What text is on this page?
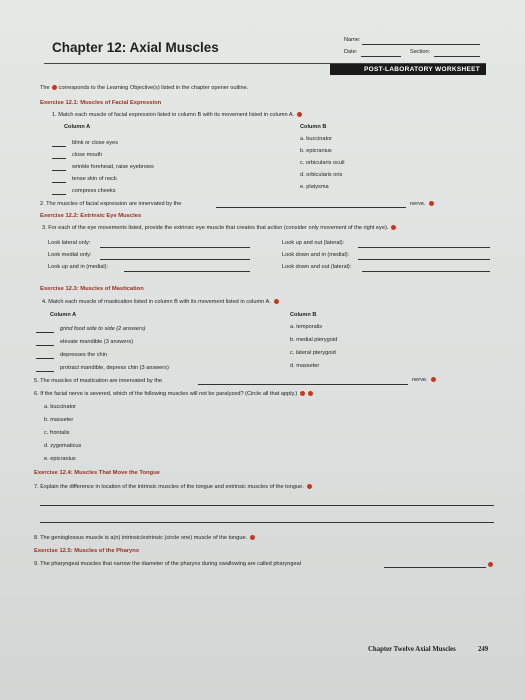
Chapter 12: Axial Muscles	Name:
Date:	Section:
POST-LABORATORY WORKSHEET
The corresponds to the Learning Objective(s) listed in the chapter opener outline.
Exercise 12.1: Muscles of Facial Expression
1. Match each muscle of facial expression listed in column B with its movement listed in column A.
Column A	Column B
blink or close eyes
close mouth
wrinkle forehead, raise eyebrows
tense skin of neck
compress cheeks
a. buccinator
b. epicranius
c. orbicularis oculi
d. orbicularis oris
e. platysma
2. The muscles of facial expression are innervated by the	nerve.
Exercise 12.2: Extrinsic Eye Muscles
3. For each of the eye movements listed, provide the extrinsic eye muscle that creates that action (consider only movement of the right eye).
Look lateral only:
Look medial only:
Look up and in (medial):
Look up and out (lateral):
Look down and in (medial):
Look down and out (lateral):
Exercise 12.3: Muscles of Mastication
4. Match each muscle of mastication listed in column B with its movement listed in column A.
Column A	Column B
grind food side to side (2 answers)
elevate mandible (3 answers)
depresses the chin
protract mandible, depress chin (3 answers)
a. temporalis
b. medial pterygoid
c. lateral pterygoid
d. masseter
5. The muscles of mastication are innervated by the	nerve.
6. If the facial nerve is severed, which of the following muscles will not be paralyzed? (Circle all that apply.)
a. buccinator
b. masseter
c. frontalis
d. zygomaticus
e. epicranius
Exercise 12.4: Muscles That Move the Tongue
7. Explain the difference in location of the intrinsic muscles of the tongue and extrinsic muscles of the tongue.
8. The genioglossus muscle is a(n) intrinsic/extrinsic (circle one) muscle of the tongue.
Exercise 12.5: Muscles of the Pharynx
9. The pharyngeal muscles that narrow the diameter of the pharynx during swallowing are called pharyngeal
Chapter Twelve Axial Muscles	249
